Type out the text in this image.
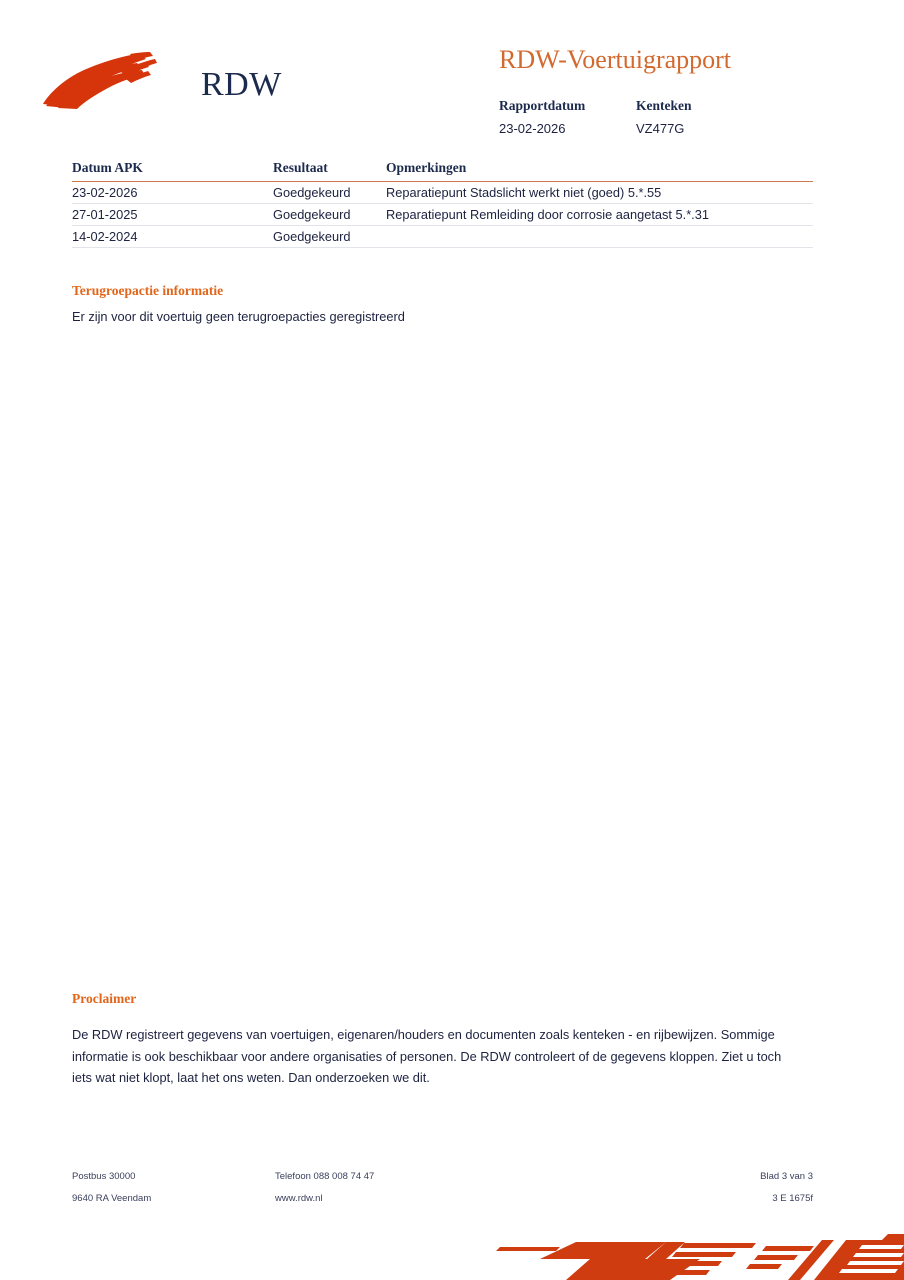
RDW
RDW-Voertuigrapport
Rapportdatum
23-02-2026
Kenteken
VZ477G
Datum APK	Resultaat	Opmerkingen
23-02-2026	Goedgekeurd	Reparatiepunt Stadslicht werkt niet (goed) 5.*.55
27-01-2025	Goedgekeurd	Reparatiepunt Remleiding door corrosie aangetast 5.*.31
14-02-2024	Goedgekeurd
Terugroepactie informatie
Er zijn voor dit voertuig geen terugroepacties geregistreerd
Proclaimer
De RDW registreert gegevens van voertuigen, eigenaren/houders en documenten zoals kenteken - en rijbewijzen. Sommige informatie is ook beschikbaar voor andere organisaties of personen. De RDW controleert of de gegevens kloppen. Ziet u toch iets wat niet klopt, laat het ons weten. Dan onderzoeken we dit.
Postbus 30000	Telefoon 088 008 74 47	Blad 3 van 3
9640 RA Veendam	www.rdw.nl	3 E 1675f
